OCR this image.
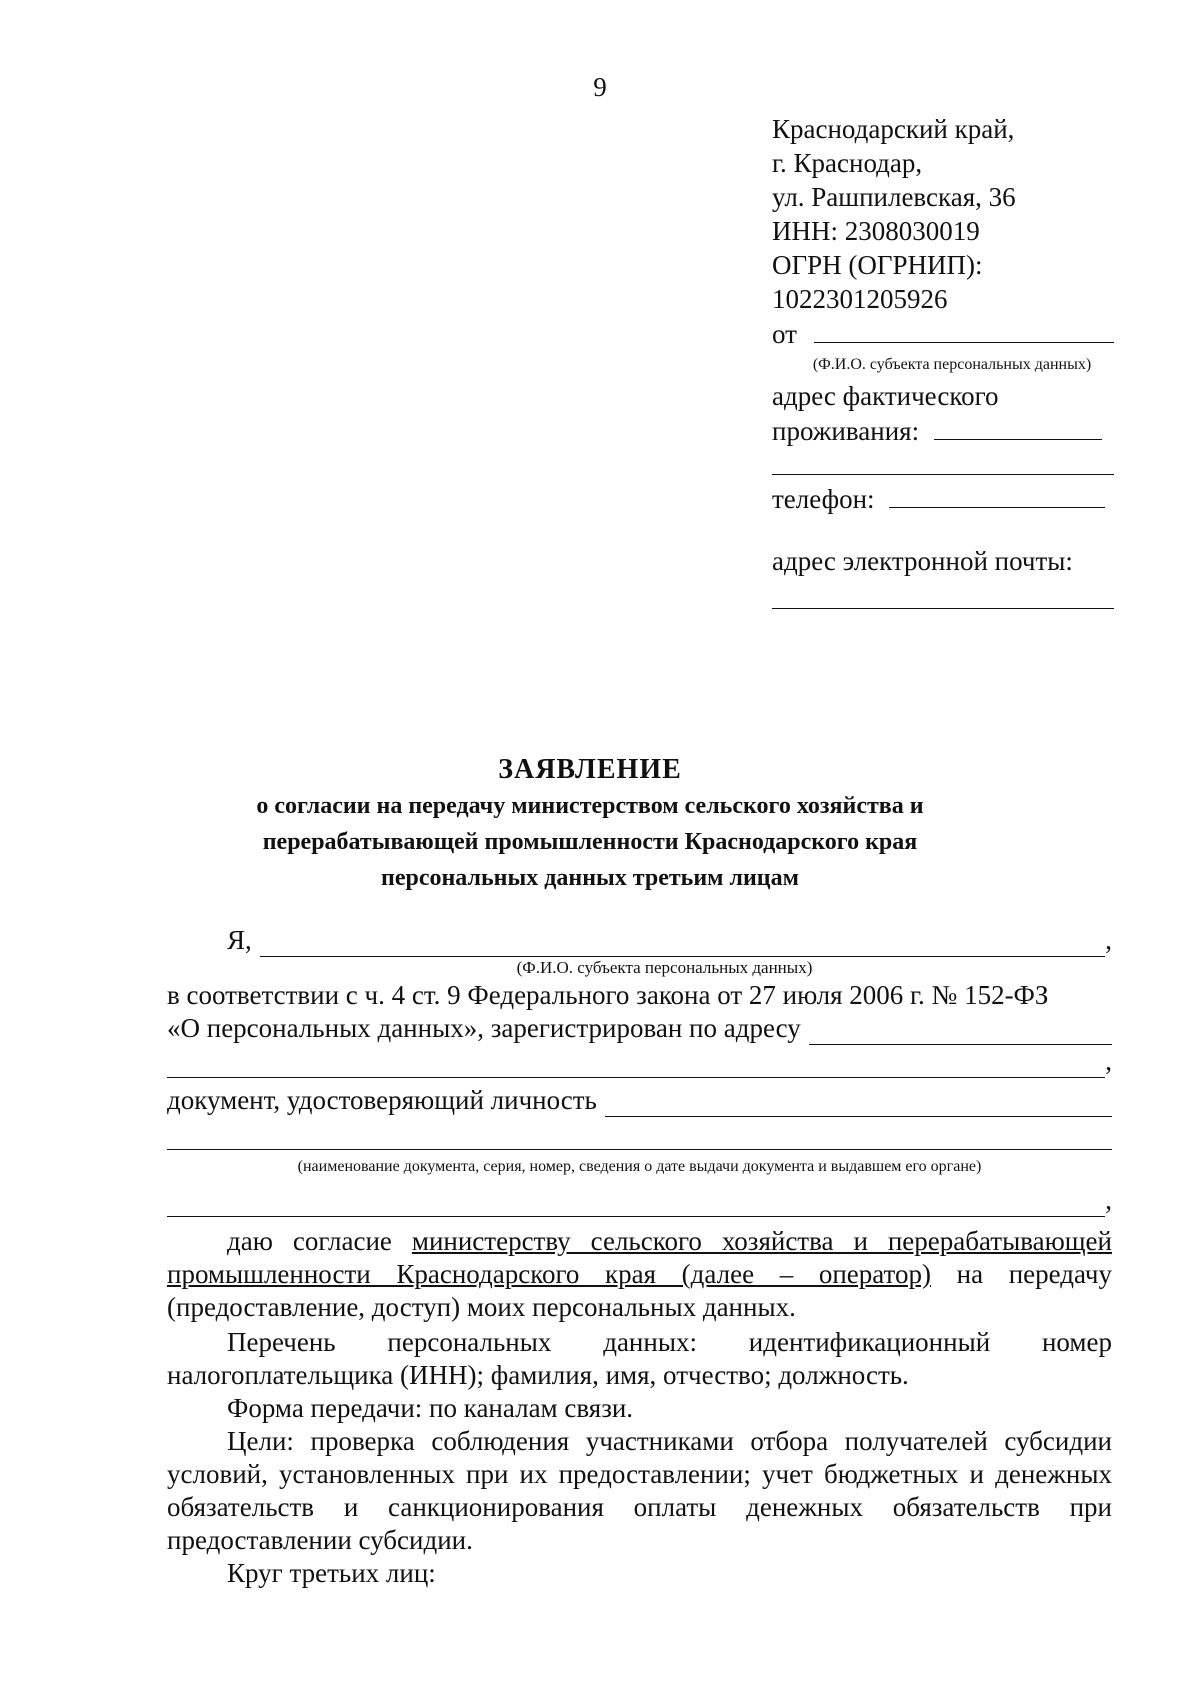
9
Краснодарский край,
г. Краснодар,
ул. Рашпилевская, 36
ИНН: 2308030019
ОГРН (ОГРНИП):
1022301205926
от
(Ф.И.О. субъекта персональных данных)
адрес фактического
проживания:
телефон:
адрес электронной почты:
ЗАЯВЛЕНИЕ
о согласии на передачу министерством сельского хозяйства и
перерабатывающей промышленности Краснодарского края
персональных данных третьим лицам
Я,	,
(Ф.И.О. субъекта персональных данных)

в соответствии с ч. 4 ст. 9 Федерального закона от 27 июля 2006 г. № 152-ФЗ

«О персональных данных», зарегистрирован по адресу
,
документ, удостоверяющий личность
(наименование документа, серия, номер, сведения о дате выдачи документа и выдавшем его органе)
,

даю согласие министерству сельского хозяйства и перерабатывающей

промышленности Краснодарского края (далее – оператор) на передачу

(предоставление, доступ) моих персональных данных.

Перечень персональных данных: идентификационный номер

налогоплательщика (ИНН); фамилия, имя, отчество; должность.

Форма передачи: по каналам связи.

Цели: проверка соблюдения участниками отбора получателей субсидии

условий, установленных при их предоставлении; учет бюджетных и денежных

обязательств и санкционирования оплаты денежных обязательств при

предоставлении субсидии.

Круг третьих лиц:
